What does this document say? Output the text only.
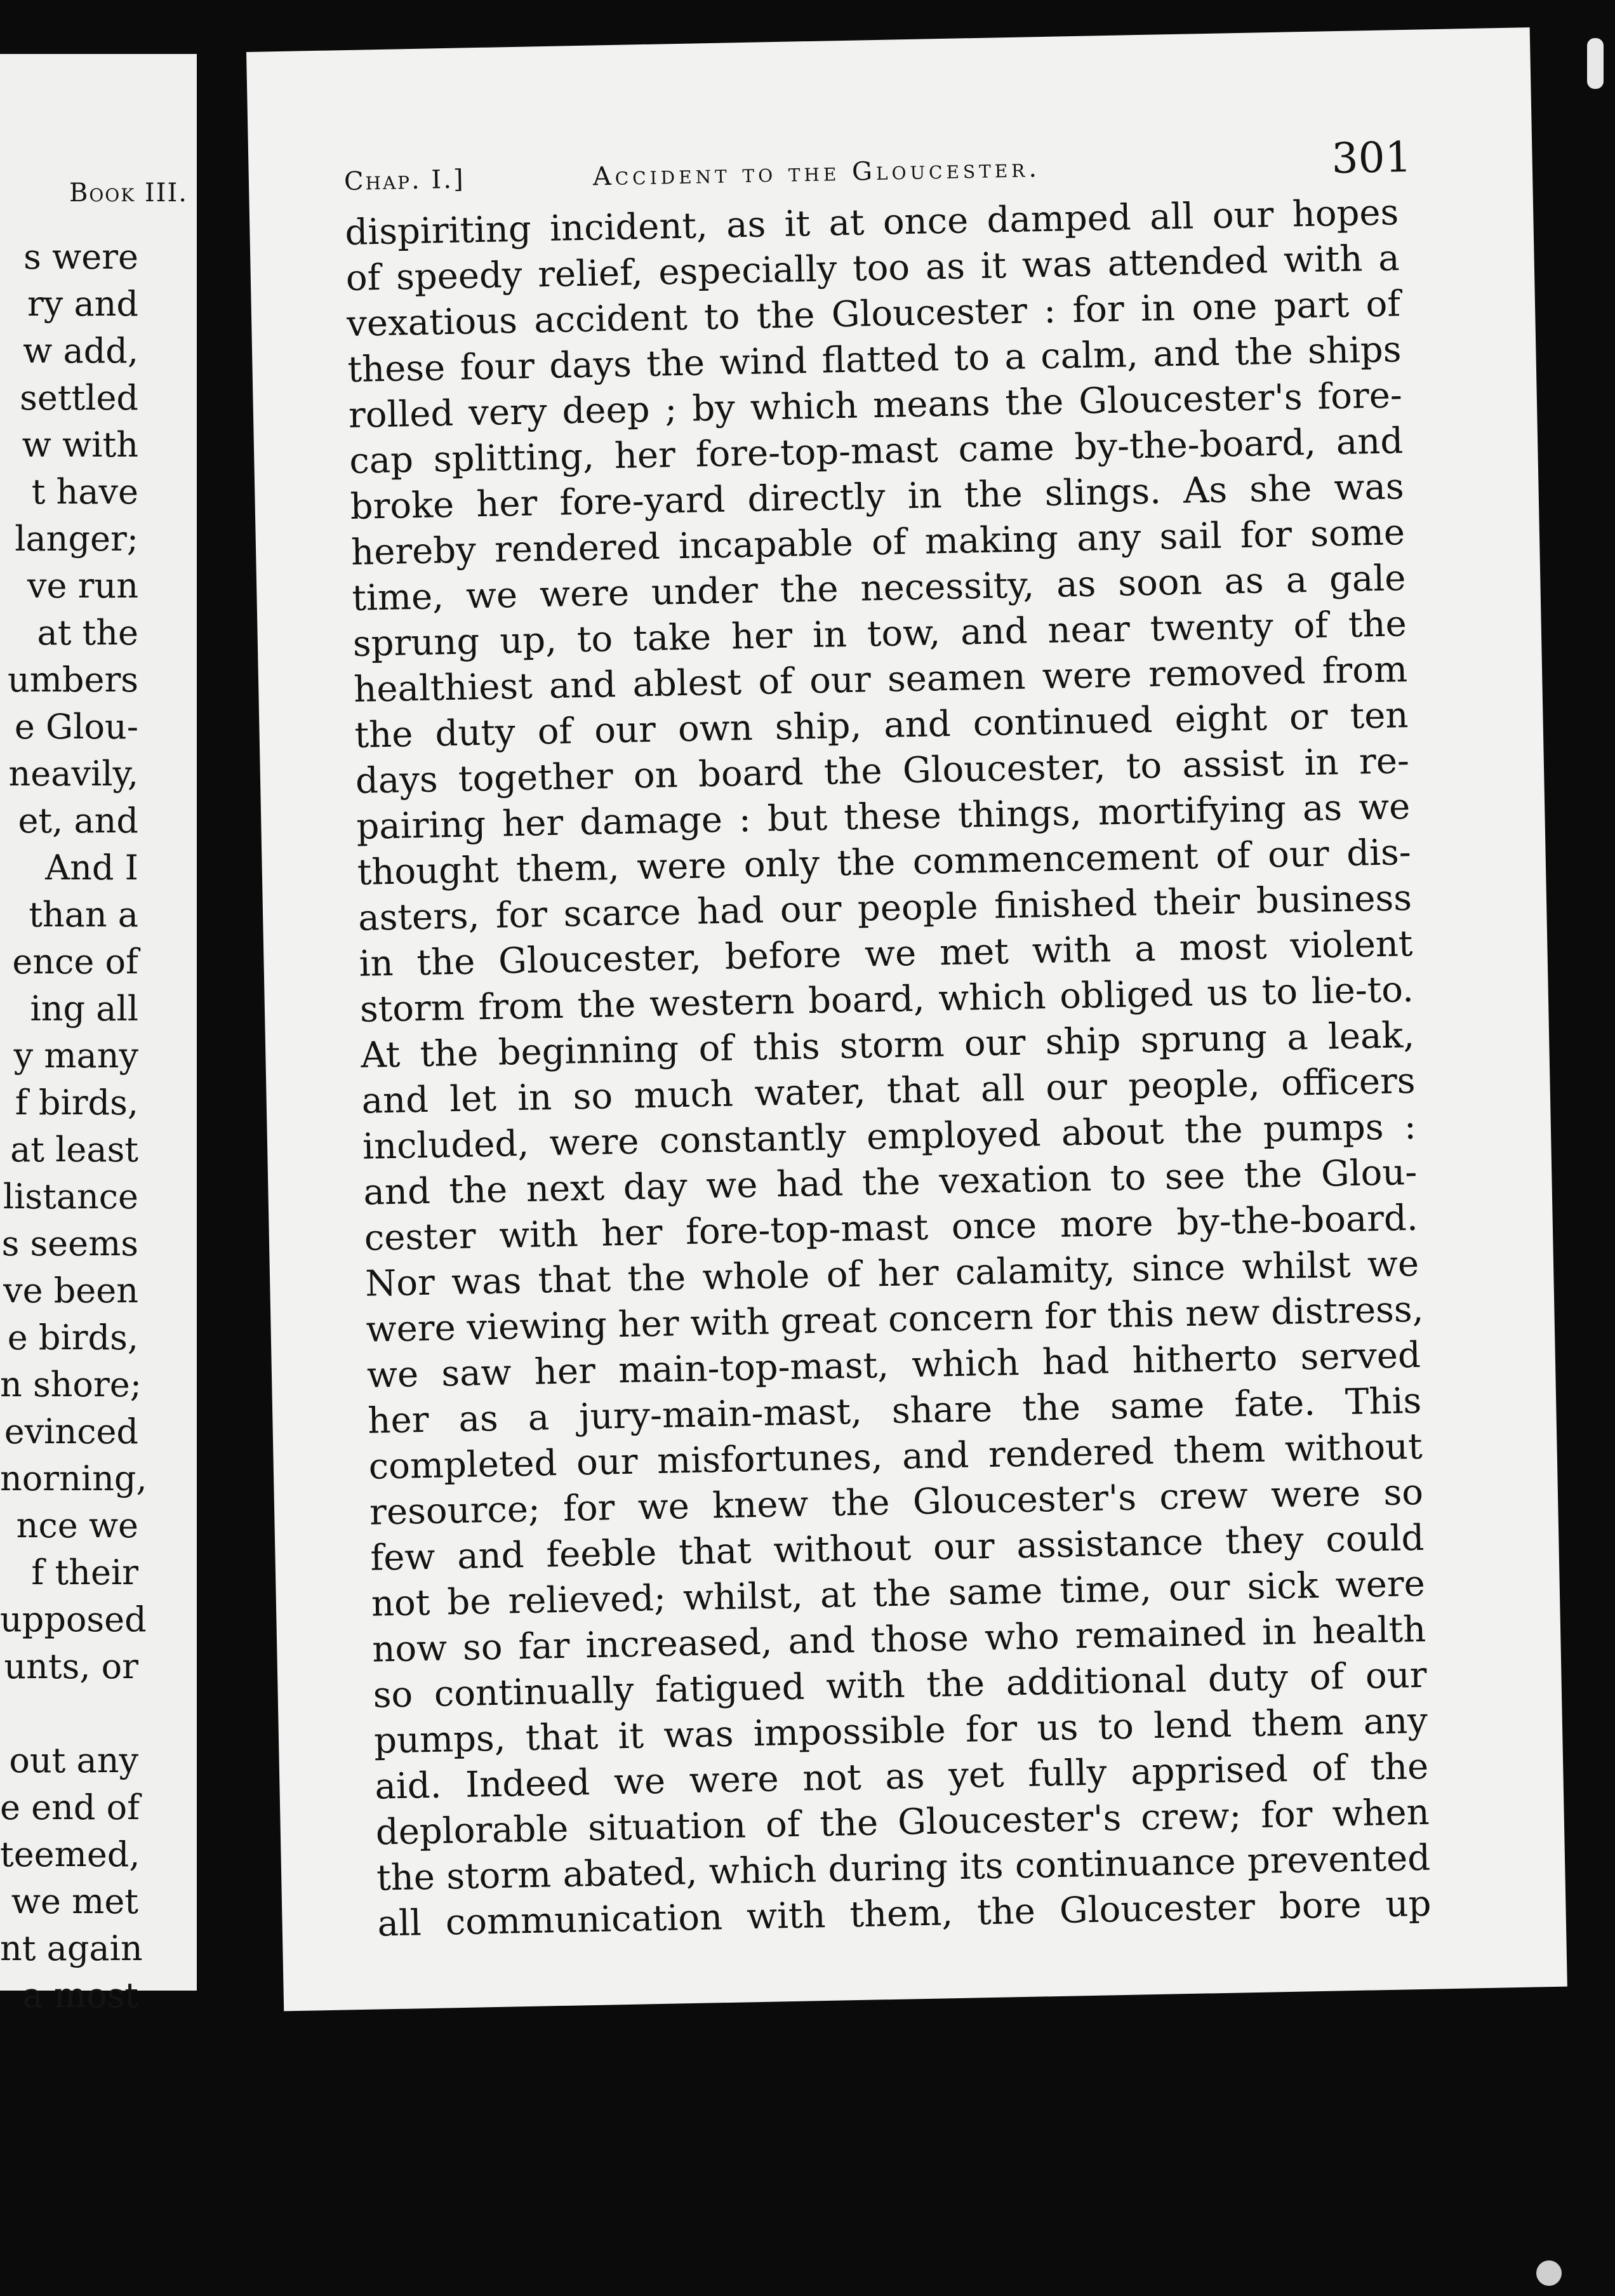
Book III.
s were
ry and
w add,
settled
w with
t have
langer;
ve run
at the
umbers
e Glou-
neavily,
et, and
And I
than a
ence of
ing all
y many
f birds,
at least
listance
s seems
ve been
e birds,
n shore;
evinced
norning,
nce we
f their
upposed
unts, or
out any
e end of
teemed,
we met
nt again
a most
Chap. I.]	Accident to the Gloucester.	301
dispiriting incident, as it at once damped all our hopes
of speedy relief, especially too as it was attended with a
vexatious accident to the Gloucester : for in one part of
these four days the wind flatted to a calm, and the ships
rolled very deep ; by which means the Gloucester's fore-
cap splitting, her fore-top-mast came by-the-board, and
broke her fore-yard directly in the slings. As she was
hereby rendered incapable of making any sail for some
time, we were under the necessity, as soon as a gale
sprung up, to take her in tow, and near twenty of the
healthiest and ablest of our seamen were removed from
the duty of our own ship, and continued eight or ten
days together on board the Gloucester, to assist in re-
pairing her damage : but these things, mortifying as we
thought them, were only the commencement of our dis-
asters, for scarce had our people finished their business
in the Gloucester, before we met with a most violent
storm from the western board, which obliged us to lie-to.
At the beginning of this storm our ship sprung a leak,
and let in so much water, that all our people, officers
included, were constantly employed about the pumps :
and the next day we had the vexation to see the Glou-
cester with her fore-top-mast once more by-the-board.
Nor was that the whole of her calamity, since whilst we
were viewing her with great concern for this new distress,
we saw her main-top-mast, which had hitherto served
her as a jury-main-mast, share the same fate. This
completed our misfortunes, and rendered them without
resource; for we knew the Gloucester's crew were so
few and feeble that without our assistance they could
not be relieved; whilst, at the same time, our sick were
now so far increased, and those who remained in health
so continually fatigued with the additional duty of our
pumps, that it was impossible for us to lend them any
aid. Indeed we were not as yet fully apprised of the
deplorable situation of the Gloucester's crew; for when
the storm abated, which during its continuance prevented
all communication with them, the Gloucester bore up
